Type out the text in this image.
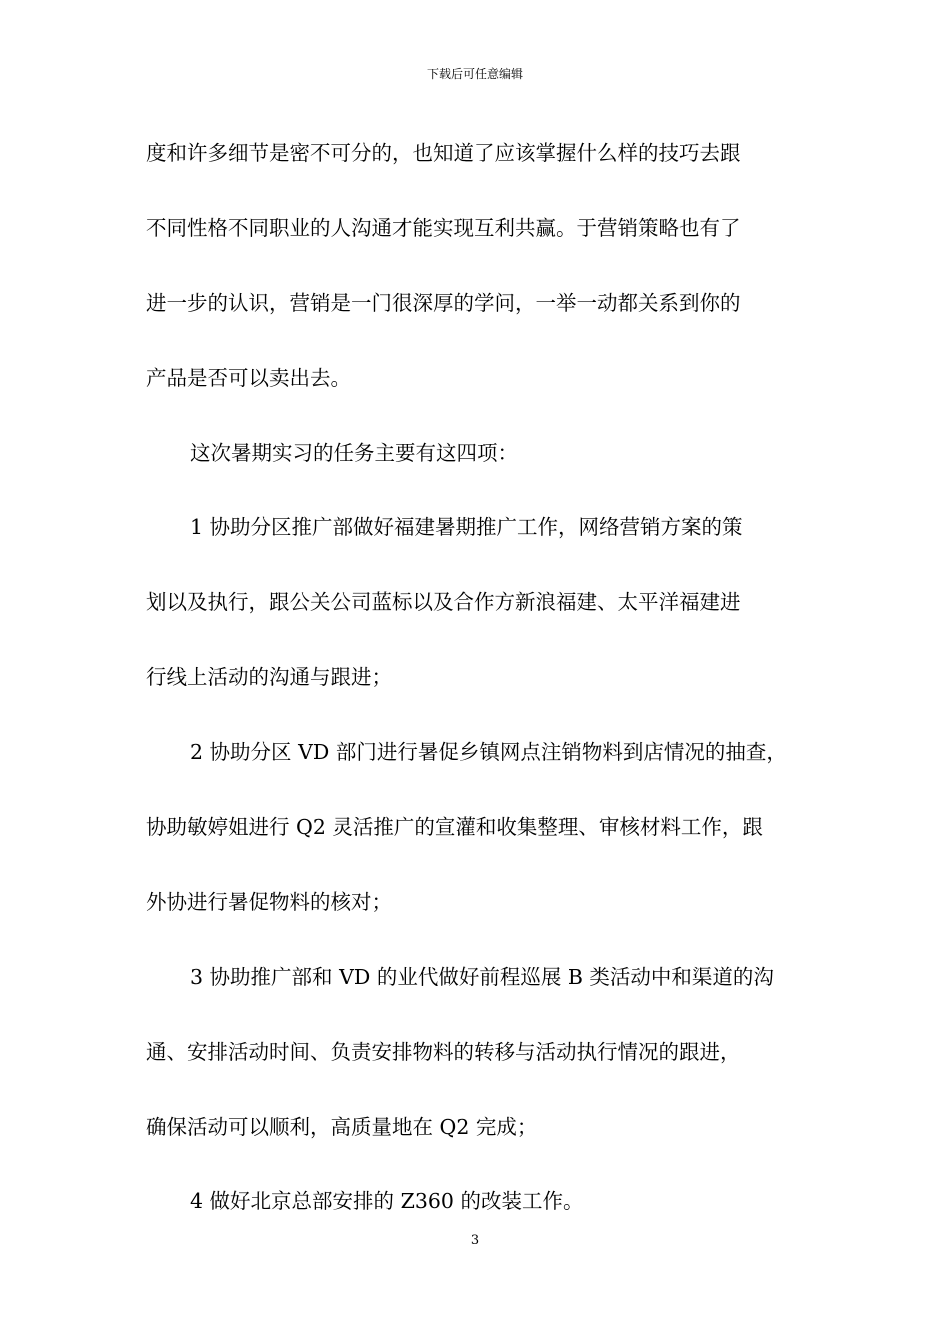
下载后可任意编辑
度和许多细节是密不可分的，也知道了应该掌握什么样的技巧去跟
不同性格不同职业的人沟通才能实现互利共赢。于营销策略也有了
进一步的认识，营销是一门很深厚的学问，一举一动都关系到你的
产品是否可以卖出去。
这次暑期实习的任务主要有这四项：
1 协助分区推广部做好福建暑期推广工作，网络营销方案的策
划以及执行，跟公关公司蓝标以及合作方新浪福建、太平洋福建进
行线上活动的沟通与跟进；
2 协助分区 VD 部门进行暑促乡镇网点注销物料到店情况的抽查，
协助敏婷姐进行 Q2 灵活推广的宣灌和收集整理、审核材料工作，跟
外协进行暑促物料的核对；
3 协助推广部和 VD 的业代做好前程巡展 B 类活动中和渠道的沟
通、安排活动时间、负责安排物料的转移与活动执行情况的跟进，
确保活动可以顺利，高质量地在 Q2 完成；
4 做好北京总部安排的 Z360 的改装工作。
3
